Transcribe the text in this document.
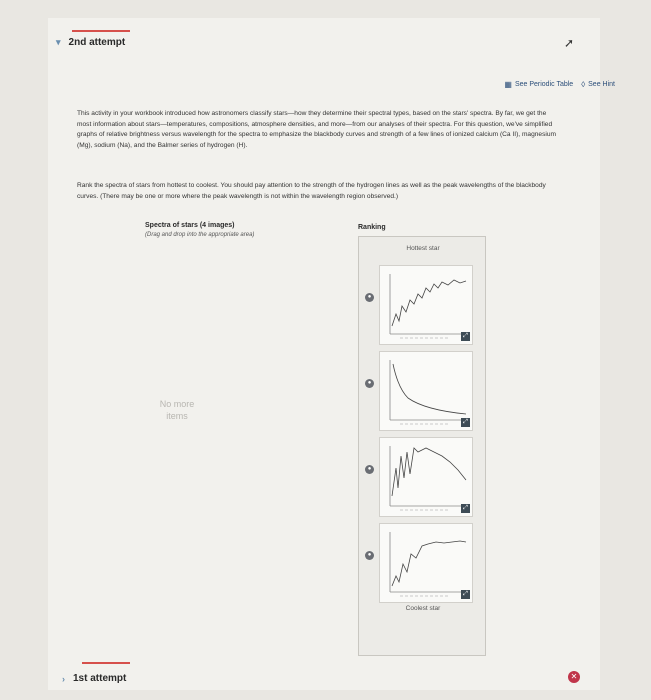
▾ 2nd attempt	➚
▦ See Periodic Table ◊ See Hint
This activity in your workbook introduced how astronomers classify stars—how they determine their spectral types, based on the stars' spectra. By far, we get the most information about stars—temperatures, compositions, atmosphere densities, and more—from our analyses of their spectra. For this question, we've simplified graphs of relative brightness versus wavelength for the spectra to emphasize the blackbody curves and strength of a few lines of ionized calcium (Ca II), magnesium (Mg), sodium (Na), and the Balmer series of hydrogen (H).
Rank the spectra of stars from hottest to coolest. You should pay attention to the strength of the hydrogen lines as well as the peak wavelengths of the blackbody curves. (There may be one or more where the peak wavelength is not within the wavelength region observed.)
Spectra of stars (4 images)
(Drag and drop into the appropriate area)
No more items
Ranking
Hottest star
●
⤢
●
⤢
●
⤢
●
⤢
Coolest star
› 1st attempt	✕
